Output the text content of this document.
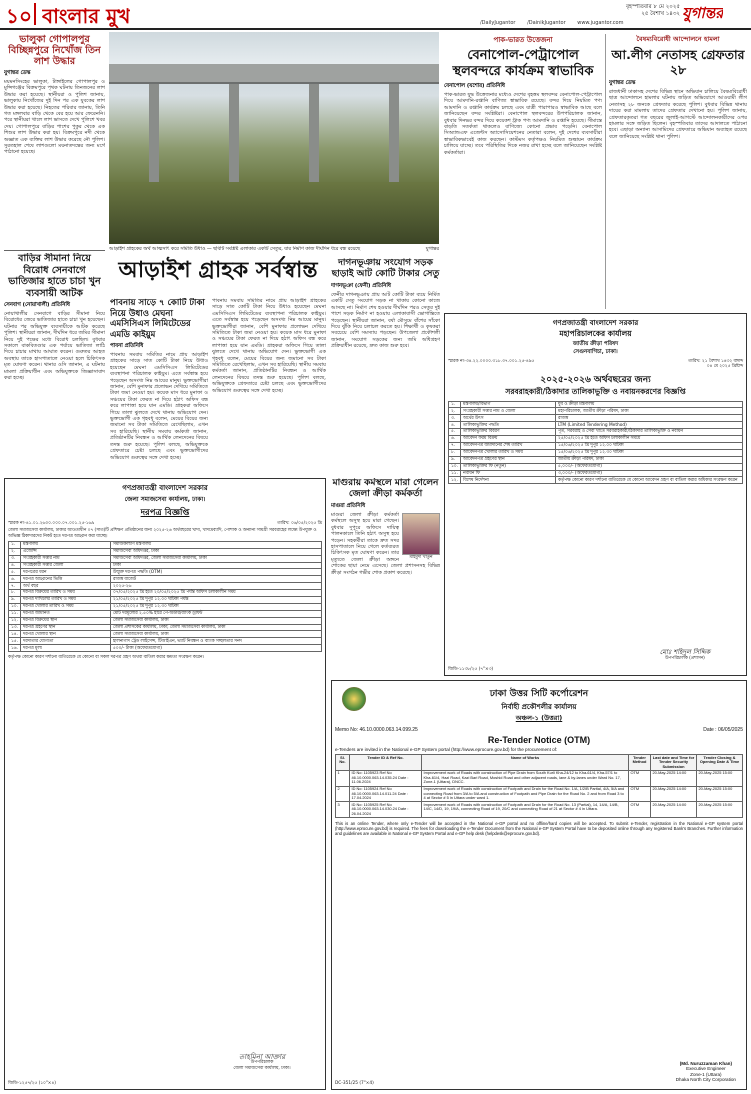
১০ বাংলার মুখ	/DailyJugantor /DainikJugantor www.jugantor.com
বৃহস্পতিবার ৮ মে ২০২৫
২৫ বৈশাখ ১৪৩২ যুগান্তর
ভালুকা গোপালপুর বিচ্ছিন্নপুরে নিখোঁজ তিন লাশ উদ্ধার
যুগান্তর ডেস্ক
ময়মনসিংহের ভালুকা, টাঙ্গাইলের গোপালপুর ও মুন্সিগঞ্জের বিক্রমপুরে পৃথক ঘটনায় তিনজনের লাশ উদ্ধার করা হয়েছে। স্থানীয়রা ও পুলিশ জানায়, ভালুকায় নিখোঁজের দুই দিন পর এক যুবকের লাশ উদ্ধার করা হয়েছে। নিহতের পরিবার জানায়, তিনি গত মঙ্গলবার বাড়ি থেকে বের হয়ে আর ফেরেননি। পরে স্থানীয়রা খালে লাশ ভাসতে দেখে পুলিশে খবর দেয়। গোপালপুরে বাড়ির পাশের পুকুর থেকে এক শিশুর লাশ উদ্ধার করা হয়। বিক্রমপুরে নদী থেকে অজ্ঞাত এক ব্যক্তির লাশ উদ্ধার করেছে নৌ পুলিশ। সুরতহাল শেষে লাশগুলো ময়নাতদন্তের জন্য মর্গে পাঠানো হয়েছে।
বাড়ির সীমানা নিয়ে বিরোধ সেনবাগে ভাতিজার হাতে চাচা খুন ব্যবসায়ী আটক
সেনবাগ (নোয়াখালী) প্রতিনিধি
নোয়াখালীর সেনবাগে বাড়ির সীমানা নিয়ে বিরোধের জেরে ভাতিজার হাতে চাচা খুন হয়েছেন। ঘটনার পর অভিযুক্ত ব্যবসায়ীকে আটক করেছে পুলিশ। স্থানীয়রা জানান, দীর্ঘদিন ধরে জমির সীমানা নিয়ে দুই পক্ষের মধ্যে বিরোধ চলছিল। বুধবার সকালে বাকবিতণ্ডার এক পর্যায়ে ভাতিজা লাঠি দিয়ে চাচার মাথায় আঘাত করেন। গুরুতর আহত অবস্থায় তাকে হাসপাতালে নেওয়া হলে চিকিৎসক মৃত ঘোষণা করেন। থানার ওসি জানান, এ ঘটনায় মামলা প্রক্রিয়াধীন এবং অভিযুক্তকে জিজ্ঞাসাবাদ করা হচ্ছে।
আড়াইশ গ্রাহকের অর্থ আত্মসাৎ করে সমিতি উধাও — ছবিটি সংশ্লিষ্ট এলাকার একটি সেতুর, যার নির্মাণ কাজ দীর্ঘদিন ধরে বন্ধ রয়েছে	যুগান্তর
আড়াইশ গ্রাহক সর্বস্বান্ত
পাবনায় সাড়ে ৭ কোটি টাকা নিয়ে উধাও মেঘনা এমসিসিএস লিমিটেডের এমডি কাইয়ুম
পাবনা প্রতিনিধি
পাবনায় সমবায় সমিতির নামে প্রায় আড়াইশ গ্রাহকের সাড়ে সাত কোটি টাকা নিয়ে উধাও হয়েছেন মেঘনা এমসিসিএস লিমিটেডের ব্যবস্থাপনা পরিচালক কাইয়ুম। এতে সর্বস্বান্ত হয়ে পড়েছেন অসংখ্য নিম্ন আয়ের মানুষ। ভুক্তভোগীরা জানান, বেশি মুনাফার প্রলোভন দেখিয়ে সমিতিতে টাকা জমা নেওয়া হয়। কয়েক মাস ধরে মুনাফা ও সঞ্চয়ের টাকা ফেরত না দিয়ে হঠাৎ অফিস বন্ধ করে লাপাত্তা হয়ে যান এমডি। গ্রাহকরা অফিসে গিয়ে তালা ঝুলতে দেখে থানায় অভিযোগ দেন। ভুক্তভোগী এক গৃহবধূ বলেন, মেয়ের বিয়ের জন্য জমানো সব টাকা সমিতিতে রেখেছিলাম, এখন সব হারিয়েছি। স্থানীয় সমবায় কর্মকর্তা জানান, প্রতিষ্ঠানটির নিবন্ধন ও আর্থিক লেনদেনের বিষয়ে তদন্ত শুরু হয়েছে। পুলিশ বলছে, অভিযুক্তকে গ্রেফতারে চেষ্টা চলছে এবং ভুক্তভোগীদের অভিযোগ গুরুত্বের সঙ্গে দেখা হচ্ছে।
পাবনায় সমবায় সমিতির নামে প্রায় আড়াইশ গ্রাহকের সাড়ে সাত কোটি টাকা নিয়ে উধাও হয়েছেন মেঘনা এমসিসিএস লিমিটেডের ব্যবস্থাপনা পরিচালক কাইয়ুম। এতে সর্বস্বান্ত হয়ে পড়েছেন অসংখ্য নিম্ন আয়ের মানুষ। ভুক্তভোগীরা জানান, বেশি মুনাফার প্রলোভন দেখিয়ে সমিতিতে টাকা জমা নেওয়া হয়। কয়েক মাস ধরে মুনাফা ও সঞ্চয়ের টাকা ফেরত না দিয়ে হঠাৎ অফিস বন্ধ করে লাপাত্তা হয়ে যান এমডি। গ্রাহকরা অফিসে গিয়ে তালা ঝুলতে দেখে থানায় অভিযোগ দেন। ভুক্তভোগী এক গৃহবধূ বলেন, মেয়ের বিয়ের জন্য জমানো সব টাকা সমিতিতে রেখেছিলাম, এখন সব হারিয়েছি। স্থানীয় সমবায় কর্মকর্তা জানান, প্রতিষ্ঠানটির নিবন্ধন ও আর্থিক লেনদেনের বিষয়ে তদন্ত শুরু হয়েছে। পুলিশ বলছে, অভিযুক্তকে গ্রেফতারে চেষ্টা চলছে এবং ভুক্তভোগীদের অভিযোগ গুরুত্বের সঙ্গে দেখা হচ্ছে।
দাগনভূঞায় সংযোগ সড়ক ছাড়াই আট কোটি টাকার সেতু
দাগনভূঞা (ফেনী) প্রতিনিধি
ফেনীর দাগনভূঞায় প্রায় আট কোটি টাকা ব্যয়ে নির্মিত একটি সেতু সংযোগ সড়ক না থাকায় কোনো কাজে আসছে না। নির্মাণ শেষ হওয়ার দীর্ঘদিন পরও সেতুর দুই পাশে সড়ক নির্মাণ না হওয়ায় এলাকাবাসী ভোগান্তিতে পড়েছেন। স্থানীয়রা জানান, বর্ষা মৌসুমে বাঁশের সাঁকো দিয়ে ঝুঁকি নিয়ে চলাচল করতে হয়। শিক্ষার্থী ও কৃষকরা সবচেয়ে বেশি সমস্যায় পড়ছেন। উপজেলা প্রকৌশলী জানান, সংযোগ সড়কের জন্য জমি অধিগ্রহণ প্রক্রিয়াধীন রয়েছে, দ্রুত কাজ শুরু হবে।
পাক-ভারত উত্তেজনা
বেনাপোল-পেট্রাপোল স্থলবন্দরে কার্যক্রম স্বাভাবিক
বেনাপোল (যশোর) প্রতিনিধি
পাক-ভারত যুদ্ধ উত্তেজনার মধ্যেও দেশের বৃহত্তম স্থলবন্দর বেনাপোল-পেট্রাপোল দিয়ে আমদানি-রপ্তানি বাণিজ্য স্বাভাবিক রয়েছে। বন্দর দিয়ে নিয়মিত পণ্য আমদানি ও রপ্তানি কার্যক্রম চলছে এবং যাত্রী পারাপারও স্বাভাবিক আছে বলে জানিয়েছেন বন্দর সংশ্লিষ্টরা। বেনাপোল স্থলবন্দরের উপপরিচালক জানান, বুধবার দিনভর বন্দর দিয়ে কয়েকশ ট্রাক পণ্য আমদানি ও রপ্তানি হয়েছে। সীমান্তে বাড়তি সতর্কতা থাকলেও বাণিজ্যে কোনো প্রভাব পড়েনি। বেনাপোল সিঅ্যান্ডএফ এজেন্টস অ্যাসোসিয়েশনের নেতারা বলেন, দুই দেশের ব্যবসায়ীরা স্বাভাবিকভাবেই কাজ করছেন। কাস্টমস কর্তৃপক্ষও নিয়মিত শুল্কায়ন কার্যক্রম চালিয়ে যাচ্ছে। তবে পরিস্থিতির দিকে নজর রাখা হচ্ছে বলে জানিয়েছেন সংশ্লিষ্ট কর্মকর্তারা।
বৈষম্যবিরোধী আন্দোলনে হামলা
আ.লীগ নেতাসহ গ্রেফতার ২৮
যুগান্তর ডেস্ক
রাজধানী ঢাকাসহ দেশের বিভিন্ন স্থানে অভিযান চালিয়ে বৈষম্যবিরোধী ছাত্র আন্দোলনে হামলার ঘটনায় জড়িত অভিযোগে আওয়ামী লীগ নেতাসহ ২৮ জনকে গ্রেফতার করেছে পুলিশ। বুধবার বিভিন্ন থানায় দায়ের করা মামলায় তাদের গ্রেফতার দেখানো হয়। পুলিশ জানায়, গ্রেফতারকৃতরা গত বছরের জুলাই-আগস্টে আন্দোলনকারীদের ওপর হামলার সঙ্গে জড়িত ছিলেন। বৃহস্পতিবার তাদের আদালতে পাঠানো হবে। এছাড়া অন্যান্য আসামিদের গ্রেফতারে অভিযান অব্যাহত রয়েছে বলে জানিয়েছে সংশ্লিষ্ট থানা পুলিশ।
মাগুরায় কর্মস্থলে মারা গেলেন জেলা ক্রীড়া কর্মকর্তা
মাগুরা প্রতিনিধি
মাহমুদা খাতুন
মাগুরা জেলা ক্রীড়া কর্মকর্তা কর্মস্থলে অসুস্থ হয়ে মারা গেছেন। বুধবার দুপুরে অফিসে দায়িত্ব পালনকালে তিনি হঠাৎ অসুস্থ হয়ে পড়েন। সহকর্মীরা তাকে দ্রুত সদর হাসপাতালে নিয়ে গেলে কর্তব্যরত চিকিৎসক মৃত ঘোষণা করেন। তার মৃত্যুতে জেলা ক্রীড়া অঙ্গনে শোকের ছায়া নেমে এসেছে। জেলা প্রশাসনসহ বিভিন্ন ক্রীড়া সংগঠন গভীর শোক প্রকাশ করেছে।
গণপ্রজাতন্ত্রী বাংলাদেশ সরকার
জেলা সমাজসেবা কার্যালয়, ঢাকা।
দরপত্র বিজ্ঞপ্তি
স্মারক নং-৪১.০১.২৬০০.০০০.০৭.০০১.২৫-১৬৯	তারিখ: ০৬/০৫/২০২৫ খ্রি
জেলা সমাজসেবা কার্যালয়, ঢাকার আওতাধীন ০৭ (সাত)টি প্রশিক্ষণ প্রতিষ্ঠানের জন্য ২০২৫-২৬ অর্থবছরের খাদ্য, খাদ্যদ্রব্যাদি, পোশাক ও অন্যান্য সামগ্রী সরবরাহের লক্ষ্যে উপযুক্ত ও অভিজ্ঞ ঠিকাদারদের নিকট হতে দরপত্র আহ্বান করা যাচ্ছে।
১.	মন্ত্রণালয়	সমাজকল্যাণ মন্ত্রণালয়
২.	এজেন্সি	সমাজসেবা অধিদপ্তর, ঢাকা
৩.	সংগ্রহকারী সত্তার নাম	সমাজসেবা অধিদপ্তর, জেলা সমাজসেবা কার্যালয়, ঢাকা
৪.	সংগ্রহকারী সত্তার জেলা	ঢাকা
৫.	দরপত্রের ধরন	উন্মুক্ত দরপত্র পদ্ধতি (OTM)
৬.	দরপত্র আহ্বানের ভিত্তি	রাজস্ব বাজেট
৭.	অর্থ বছর	২০২৫-২৬
৮.	দরপত্র বিক্রয়ের তারিখ ও সময়	০৭/০৫/২০২৫ খ্রি হতে ২০/০৫/২০২৫ খ্রি পর্যন্ত অফিস চলাকালীন সময়
৯.	দরপত্র দাখিলের তারিখ ও সময়	২১/০৫/২০২৫ খ্রি দুপুর ১২.০০ ঘটিকা পর্যন্ত
১০.	দরপত্র খোলার তারিখ ও সময়	২১/০৫/২০২৫ খ্রি দুপুর ১২.৩০ ঘটিকা
১১.	দরপত্র জামানত	মোট দরমূল্যের ২.৫০% হারে পে-অর্ডার/ব্যাংক ড্রাফট
১২.	দরপত্র বিক্রয়ের স্থান	জেলা সমাজসেবা কার্যালয়, ঢাকা
১৩.	দরপত্র গ্রহণের স্থান	জেলা প্রশাসকের কার্যালয়, ঢাকা; জেলা সমাজসেবা কার্যালয়, ঢাকা
১৪.	দরপত্র খোলার স্থান	জেলা সমাজসেবা কার্যালয়, ঢাকা
১৫.	দরদাতার যোগ্যতা	হালনাগাদ ট্রেড লাইসেন্স, টিআইএন, ভ্যাট নিবন্ধন ও ব্যাংক সচ্ছলতার সনদ
১৬.	দরপত্র মূল্য	৫০০/- টাকা (অফেরতযোগ্য)
কর্তৃপক্ষ কোনো কারণ দর্শানো ব্যতিরেকে যে কোনো বা সকল দরপত্র গ্রহণ অথবা বাতিল করার ক্ষমতা সংরক্ষণ করেন।
তাহমিনা আক্তার
উপপরিচালক
জেলা সমাজসেবা কার্যালয়, ঢাকা।
জিডি-১২৫৭/২৫ (১০"×৪)
গণপ্রজাতন্ত্রী বাংলাদেশ সরকার
মহাপরিচালকের কার্যালয়
জাতীয় ক্রীড়া পরিষদ
সেগুনবাগিচা, ঢাকা।
স্মারক নং-৩৪.২২.০০০০.৩১৮.৩৭.০০১.২৫-৪৯৫	তারিখ: ২১ বৈশাখ ১৪৩২ বঙ্গাব্দ
০৪ মে ২০২৫ খ্রিষ্টাব্দ
২০২৫-২০২৬ অর্থবছরের জন্য
সরবরাহকারী/ঠিকাদার তালিকাভুক্তি ও নবায়নকরণের বিজ্ঞপ্তি
১.	মন্ত্রণালয়/বিভাগ	যুব ও ক্রীড়া মন্ত্রণালয়
২.	সংগ্রহকারী সত্তার নাম ও জেলা	মহাপরিচালক, জাতীয় ক্রীড়া পরিষদ, ঢাকা
৩.	অর্থের উৎস	রাজস্ব
৪.	তালিকাভুক্তির পদ্ধতি	LTM (Limited Tendering Method)
৫.	তালিকাভুক্তির বিবরণ	পূর্ত, সরবরাহ ও সেবা খাতে সরবরাহকারী/ঠিকাদার তালিকাভুক্তি ও নবায়ন
৬.	আবেদন ফরম বিক্রয়	২৫/০৫/২০২৫ খ্রি হতে অফিস চলাকালীন সময়ে
৭.	আবেদনপত্র জমাদানের শেষ তারিখ	১৫/০৬/২০২৫ খ্রি দুপুর ১২.০০ ঘটিকা
৮.	আবেদনপত্র খোলার তারিখ ও সময়	১৫/০৬/২০২৫ খ্রি দুপুর ১২.৩০ ঘটিকা
৯.	আবেদনপত্র গ্রহণের স্থান	জাতীয় ক্রীড়া পরিষদ, ঢাকা
১০.	তালিকাভুক্তির ফি (নতুন)	৫,০০০/- (অফেরতযোগ্য)
১১.	নবায়ন ফি	৩,০০০/- (অফেরতযোগ্য)
১২.	বিশেষ নির্দেশনা	কর্তৃপক্ষ কোনো কারণ দর্শানো ব্যতিরেকে যে কোনো আবেদন গ্রহণ বা বাতিল করার অধিকার সংরক্ষণ করেন
মোঃ শহিদুল সিদ্দিক
উপপরিচালক (প্রশাসন)
জিডি-১১৩৮/২৫ (৭"×৩)
ঢাকা উত্তর সিটি কর্পোরেশন
নির্বাহী প্রকৌশলীর কার্যালয়
অঞ্চল-১ (উত্তরা)
Memo No: 46.10.0000.063.14.099.25	Date : 06/05/2025
Re-Tender Notice (OTM)
e-Tenders are invited in the National e-GP System portal (http://www.eprocure.gov.bd) for the procurement of:
Sl. No.	Tender ID & Ref No.	Name of Works	Tender Method	Last date and Time for Tender Security Submission	Tender Closing & Opening Date & Time
1	ID No: 1105923 Ref No 46.10.0000.063.14.035.24 Date : 11.06.2024	Improvement work of Roads with construction of Pipe Drain from South Kurli Kha-24/12 to Kha-61/4, Kha-57/1 to Kha-61/4, Hazi Road, Kazi Bari Road, Moshid Road and other adjacent roads, lane & by-lanes under Ward No. 17, Zone-1 (Uttara), DNCC.	OTM	20-May-2025 14:00	20-May-2025 15:00
2	ID No: 1105924 Ref No 46.10.0000.063.14.011.24 Date : 17.04.2024	Improvement work of Roads with construction of Footpath and Drain for the Road No. 1/A, 1/2/B Partial, 4/A, 5/A and connecting Road from 3/A to 5/A and construction of Footpath and Pipe Drain for the Road No. 2 and from Road 3 to 4 at Sector # 5 in Uttara under ward 1.	OTM	20-May-2025 14:00	20-May-2025 15:00
3	ID No: 1105925 Ref No 46.10.0000.063.14.030.24 Date : 26.04.2024	Improvement work of Roads with construction of Footpath and Drain for the Road No. 13 (Partial), 14, 14/A, 14/B, 14/C, 14/D, 19, 19/A, connecting Road of 19, 20/C and connecting Road of 21 at Sector # 4 in Uttara.	OTM	20-May-2025 14:00	20-May-2025 15:00
This is an online Tender, where only e-Tender will be accepted in the National e-GP portal and no offline/hard copies will be accepted. To submit e-Tender, registration in the National e-GP system portal (http://www.eprocure.gov.bd) is required. The fees for downloading the e-Tender Document from the National e-GP System Portal have to be deposited online through any registered Bank's Branches. Further information and guidelines are available in National e-GP System Portal and e-GP help desk (helpdesk@eprocure.gov.bd).
(Md. Nuruzzaman Khan)
Executive Engineer
Zone-1 (Uttara)
Dhaka North City Corporation
DC-351/25 (7"×4)
